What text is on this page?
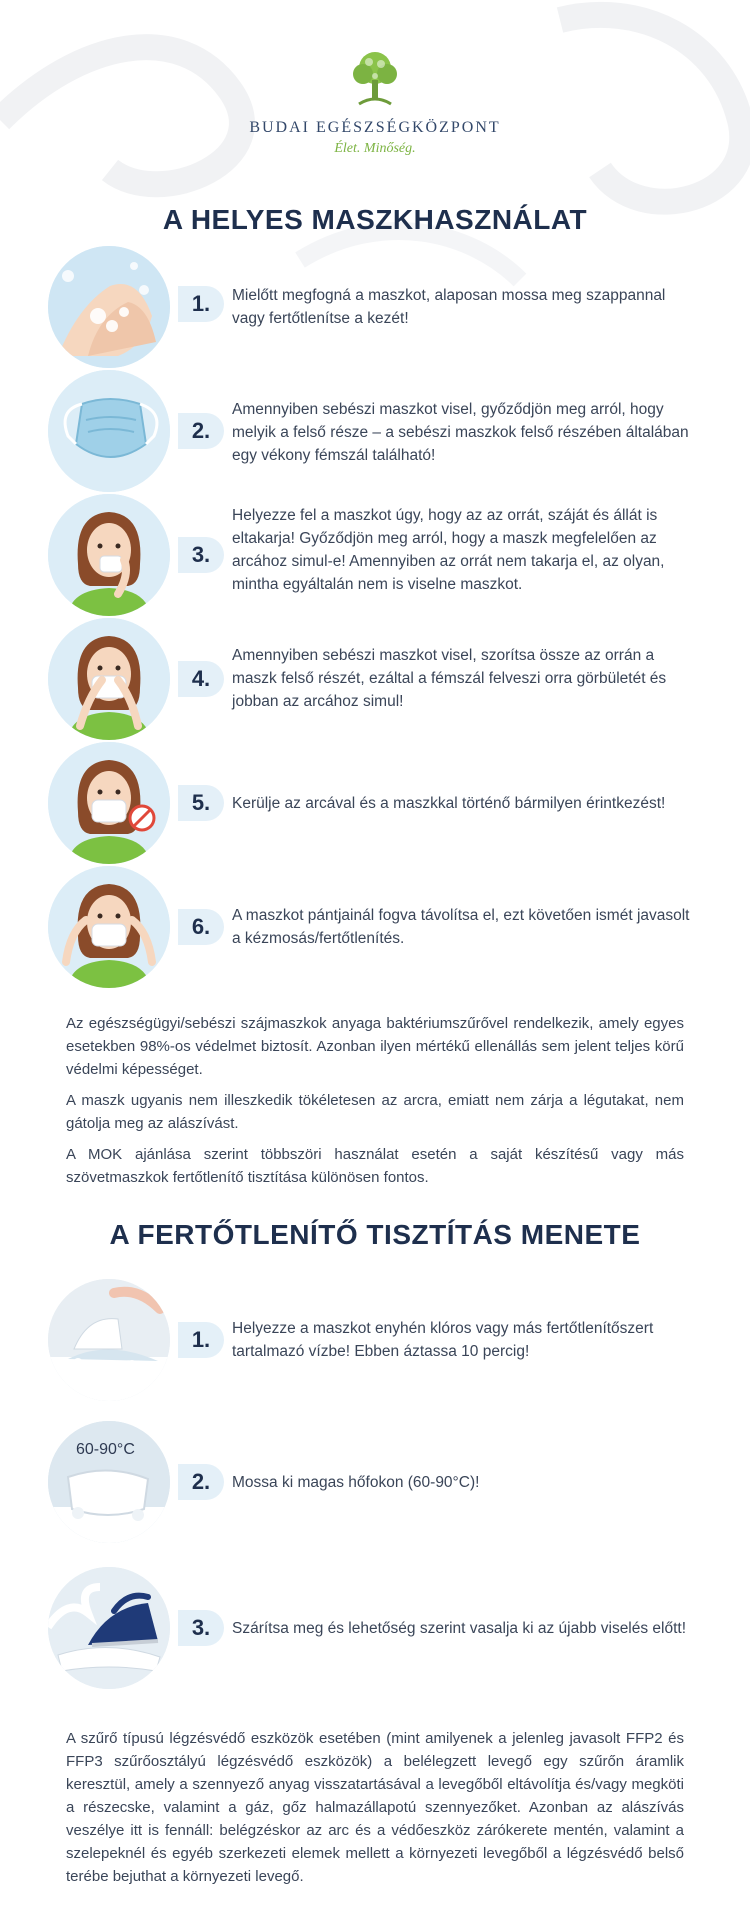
BUDAI EGÉSZSÉGKÖZPONT
Élet. Minőség.
A HELYES MASZKHASZNÁLAT
1.	Mielőtt megfogná a maszkot, alaposan mossa meg szappannal vagy fertőtlenítse a kezét!
2.
Amennyiben sebészi maszkot visel, győződjön meg arról, hogy melyik a felső része – a sebészi maszkok felső részében általában egy vékony fémszál található!
3.
Helyezze fel a maszkot úgy, hogy az az orrát, száját és állát is eltakarja! Győződjön meg arról, hogy a maszk megfelelően az arcához simul-e! Amennyiben az orrát nem takarja el, az olyan, mintha egyáltalán nem is viselne maszkot.
4.
Amennyiben sebészi maszkot visel, szorítsa össze az orrán a maszk felső részét, ezáltal a fémszál felveszi orra görbületét és jobban az arcához simul!
5.	Kerülje az arcával és a maszkkal történő bármilyen érintkezést!
6.	A maszkot pántjainál fogva távolítsa el, ezt követően ismét javasolt a kézmosás/fertőtlenítés.

Az egészségügyi/sebészi szájmaszkok anyaga baktériumszűrővel rendelkezik, amely egyes esetekben 98%-os védelmet biztosít. Azonban ilyen mértékű ellenállás sem jelent teljes körű védelmi képességet.

A maszk ugyanis nem illeszkedik tökéletesen az arcra, emiatt nem zárja a légutakat, nem gátolja meg az alászívást.

A MOK ajánlása szerint többszöri használat esetén a saját készítésű vagy más szövetmaszkok fertőtlenítő tisztítása különösen fontos.

A FERTŐTLENÍTŐ TISZTÍTÁS MENETE
1.	Helyezze a maszkot enyhén klóros vagy más fertőtlenítőszert tartalmazó vízbe! Ebben áztassa 10 percig!
60-90°C
2.	Mossa ki magas hőfokon (60-90°C)!
3.	Szárítsa meg és lehetőség szerint vasalja ki az újabb viselés előtt!

A szűrő típusú légzésvédő eszközök esetében (mint amilyenek a jelenleg javasolt FFP2 és FFP3 szűrőosztályú légzésvédő eszközök) a belélegzett levegő egy szűrőn áramlik keresztül, amely a szennyező anyag visszatartásával a levegőből eltávolítja és/vagy megköti a részecske, valamint a gáz, gőz halmazállapotú szennyezőket. Azonban az alászívás veszélye itt is fennáll: belégzéskor az arc és a védőeszköz zárókerete mentén, valamint a szelepeknél és egyéb szerkezeti elemek mellett a környezeti levegőből a légzésvédő belső terébe bejuthat a környezeti levegő.
